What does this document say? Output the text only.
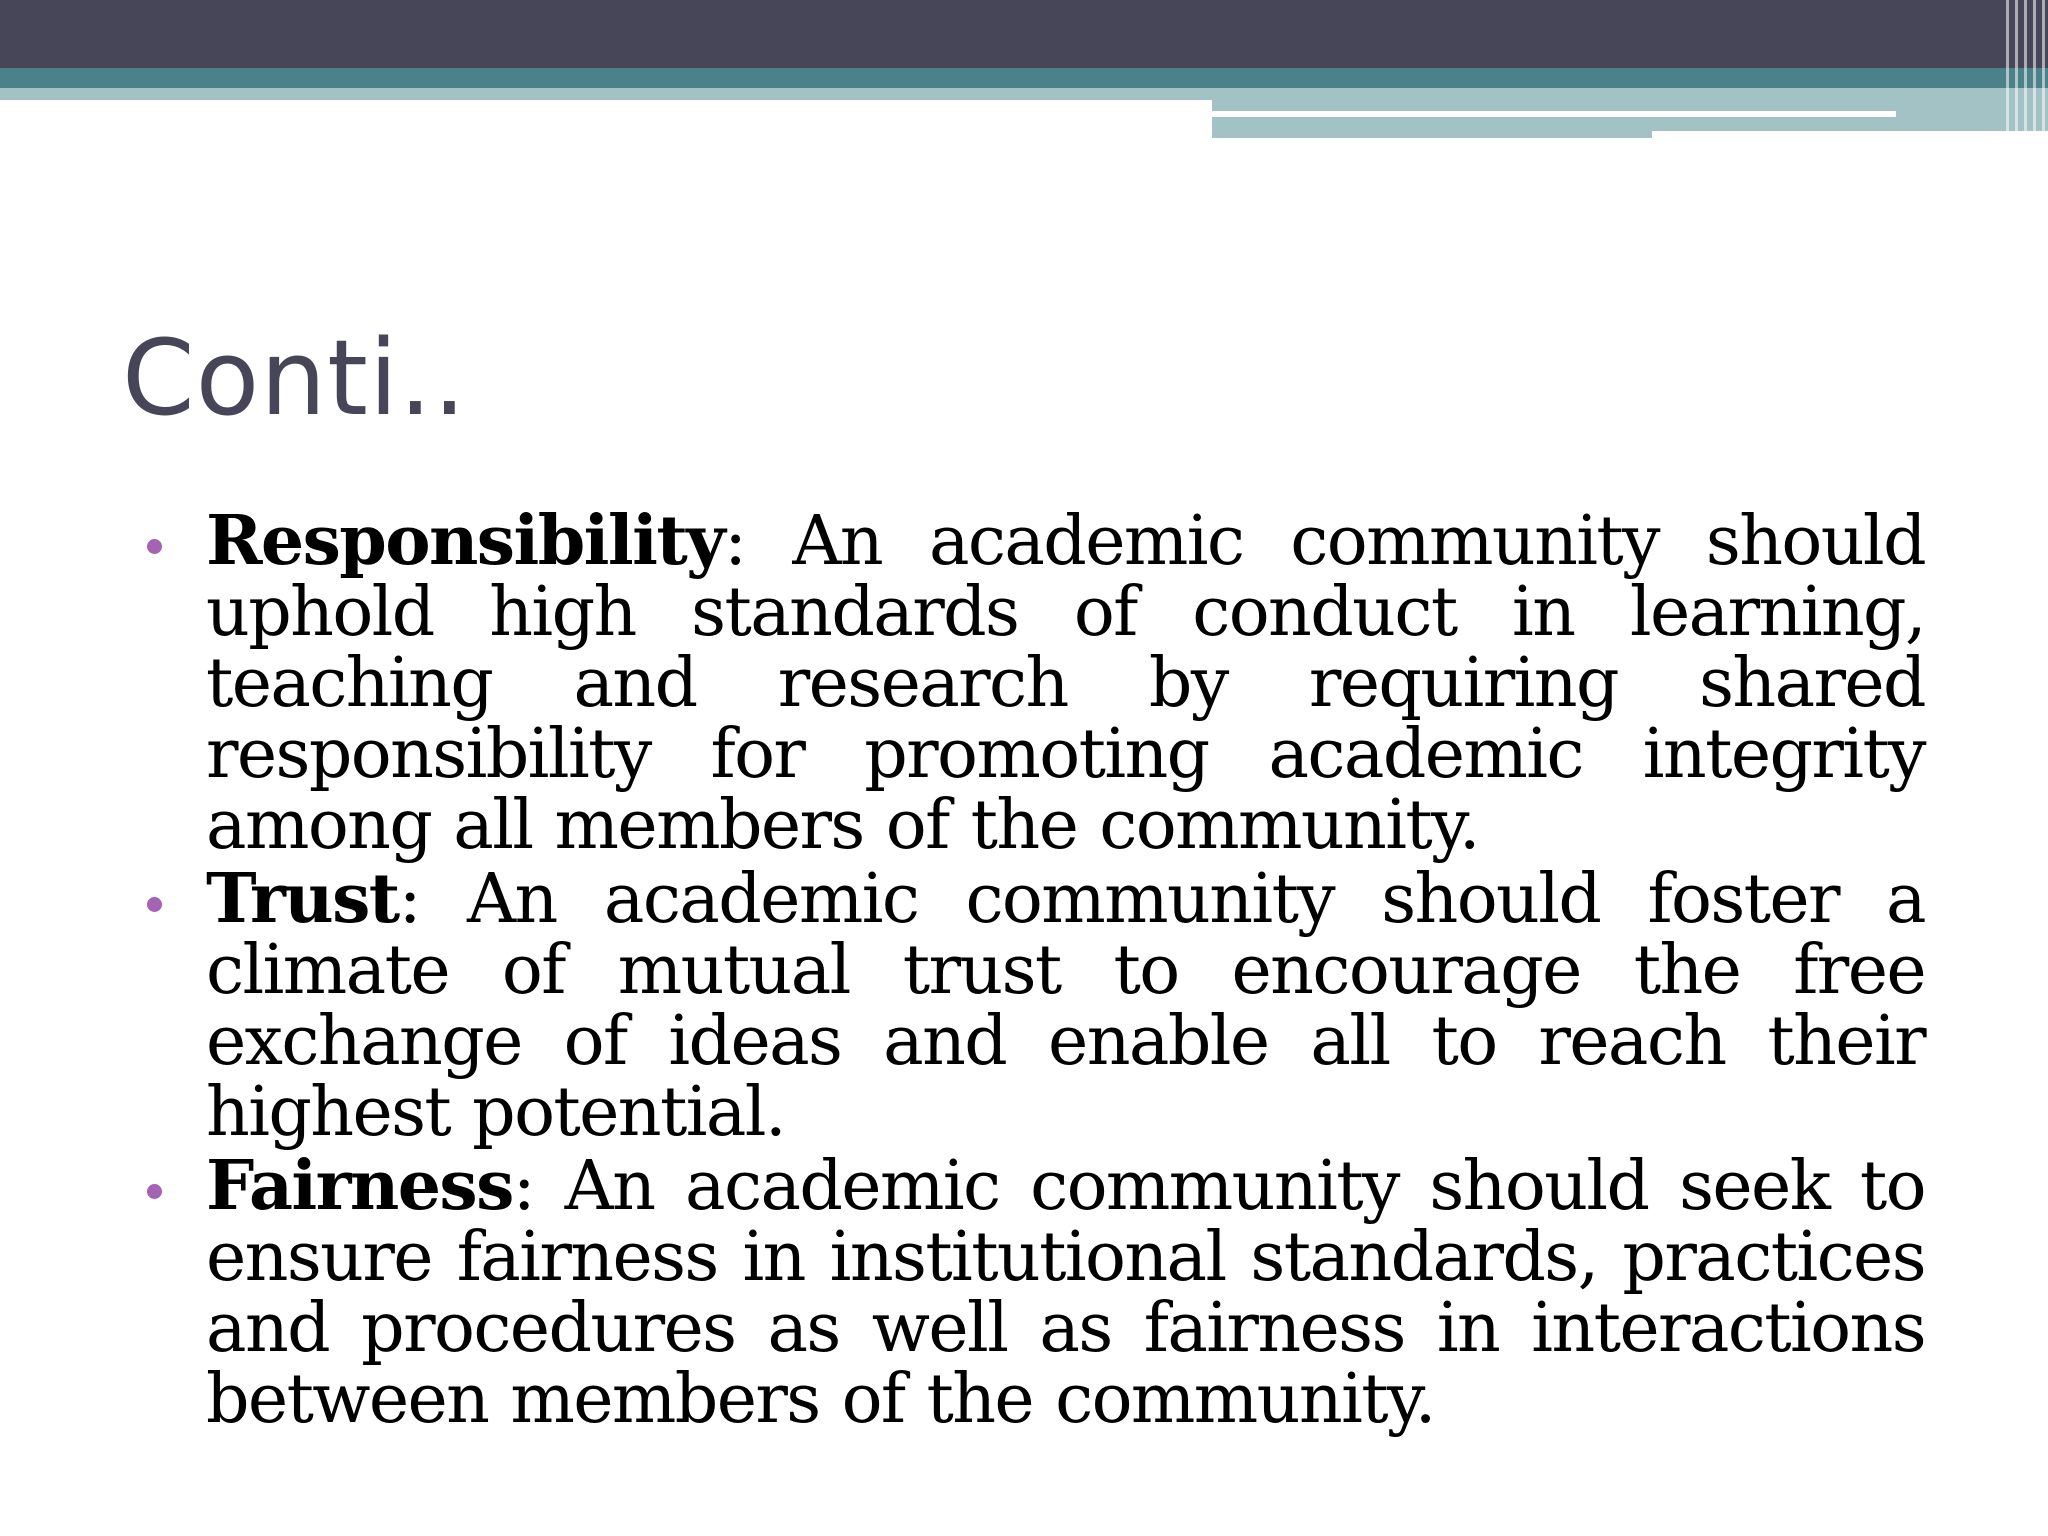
Conti..
Responsibility: An academic community should uphold high standards of conduct in learning, teaching and research by requiring shared responsibility for promoting academic integrity among all members of the community.
Trust: An academic community should foster a climate of mutual trust to encourage the free exchange of ideas and enable all to reach their highest potential.
Fairness: An academic community should seek to ensure fairness in institutional standards, practices and procedures as well as fairness in interactions between members of the community.
